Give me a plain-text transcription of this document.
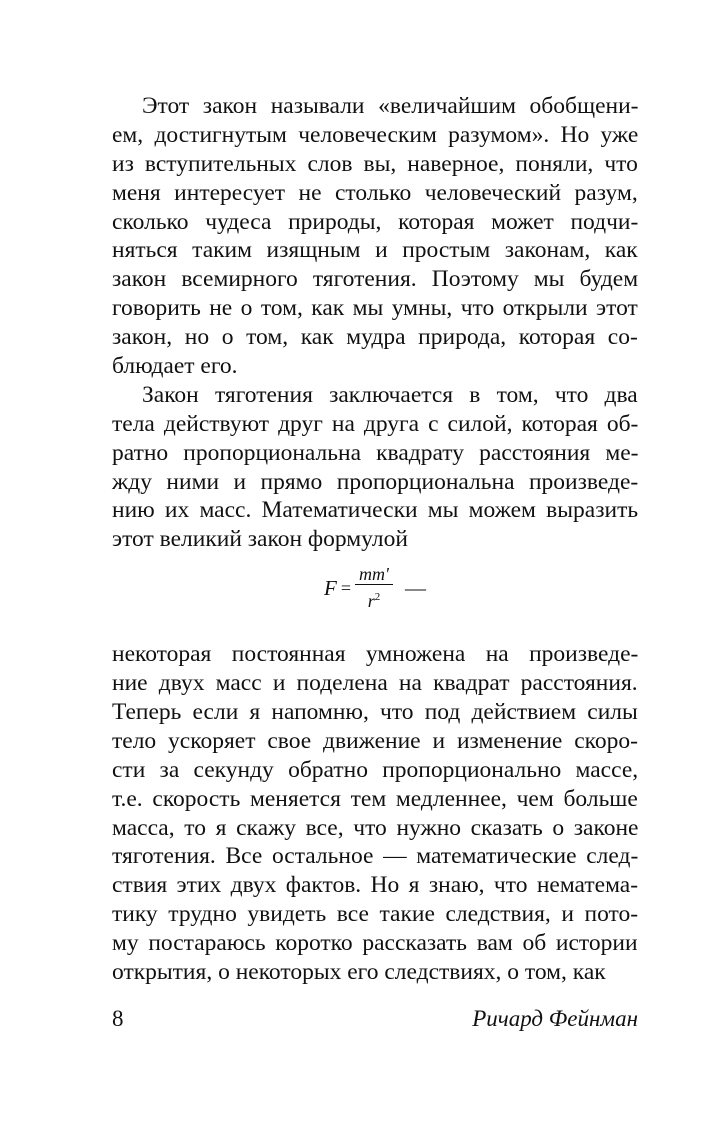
Этот закон называли «величайшим обобщени-
ем, достигнутым человеческим разумом». Но уже
из вступительных слов вы, наверное, поняли, что
меня интересует не столько человеческий разум,
сколько чудеса природы, которая может подчи-
няться таким изящным и простым законам, как
закон всемирного тяготения. Поэтому мы будем
говорить не о том, как мы умны, что открыли этот
закон, но о том, как мудра природа, которая со-
блюдает его.
Закон тяготения заключается в том, что два
тела действуют друг на друга с силой, которая об-
ратно пропорциональна квадрату расстояния ме-
жду ними и прямо пропорциональна произведе-
нию их масс. Математически мы можем выразить
этот великий закон формулой
$F = \frac{mm'}{r^2}$ —
некоторая постоянная умножена на произведе-
ние двух масс и поделена на квадрат расстояния.
Теперь если я напомню, что под действием силы
тело ускоряет свое движение и изменение скоро-
сти за секунду обратно пропорционально массе,
т.е. скорость меняется тем медленнее, чем больше
масса, то я скажу все, что нужно сказать о законе
тяготения. Все остальное — математические след-
ствия этих двух фактов. Но я знаю, что нематема-
тику трудно увидеть все такие следствия, и пото-
му постараюсь коротко рассказать вам об истории
открытия, о некоторых его следствиях, о том, как
8	Ричард Фейнман
